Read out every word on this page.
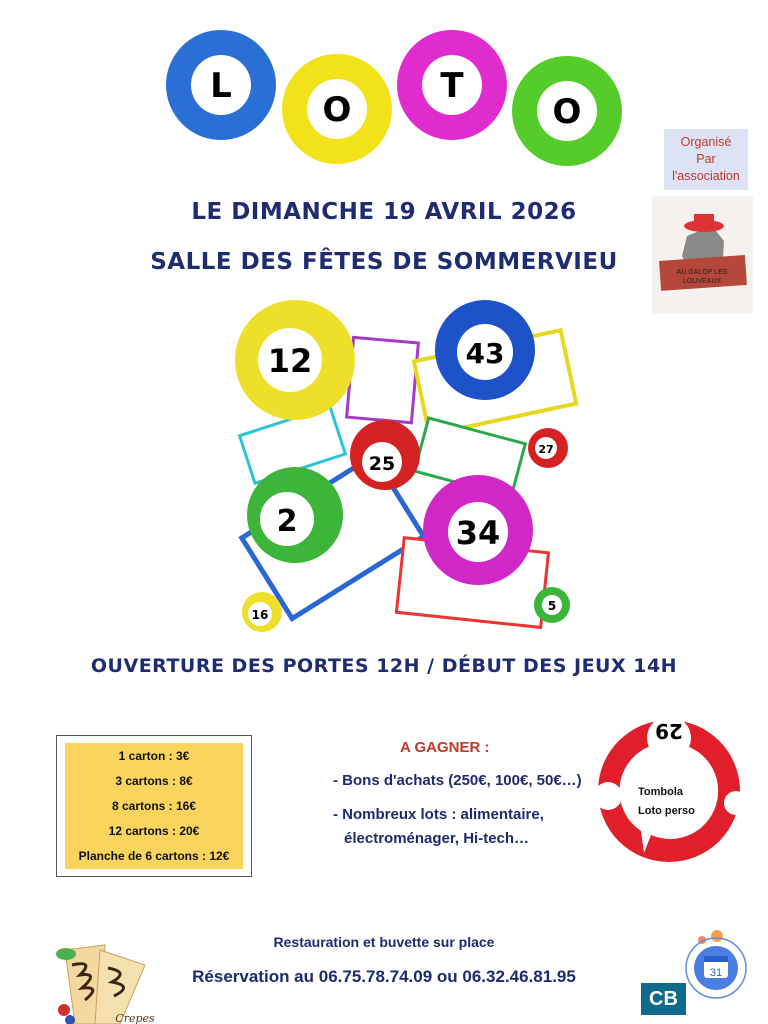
L
O
T
O
Organisé
Par
l'association
AU GALOP LES
LOUVEAUX
LE DIMANCHE 19 AVRIL 2026
SALLE DES FÊTES DE SOMMERVIEU
12	43
25
27
2	34
16
5
OUVERTURE DES PORTES 12H / DÉBUT DES JEUX 14H
1 carton : 3€
3 cartons : 8€
8 cartons : 16€
12 cartons : 20€
Planche de 6 cartons : 12€
A GAGNER :
- Bons d'achats (250€, 100€, 50€…)
- Nombreux lots : alimentaire,
électroménager, Hi-tech…
29
Tombola
Loto perso
Restauration et buvette sur place
Réservation au 06.75.78.74.09 ou 06.32.46.81.95
Crepes
CB
31
